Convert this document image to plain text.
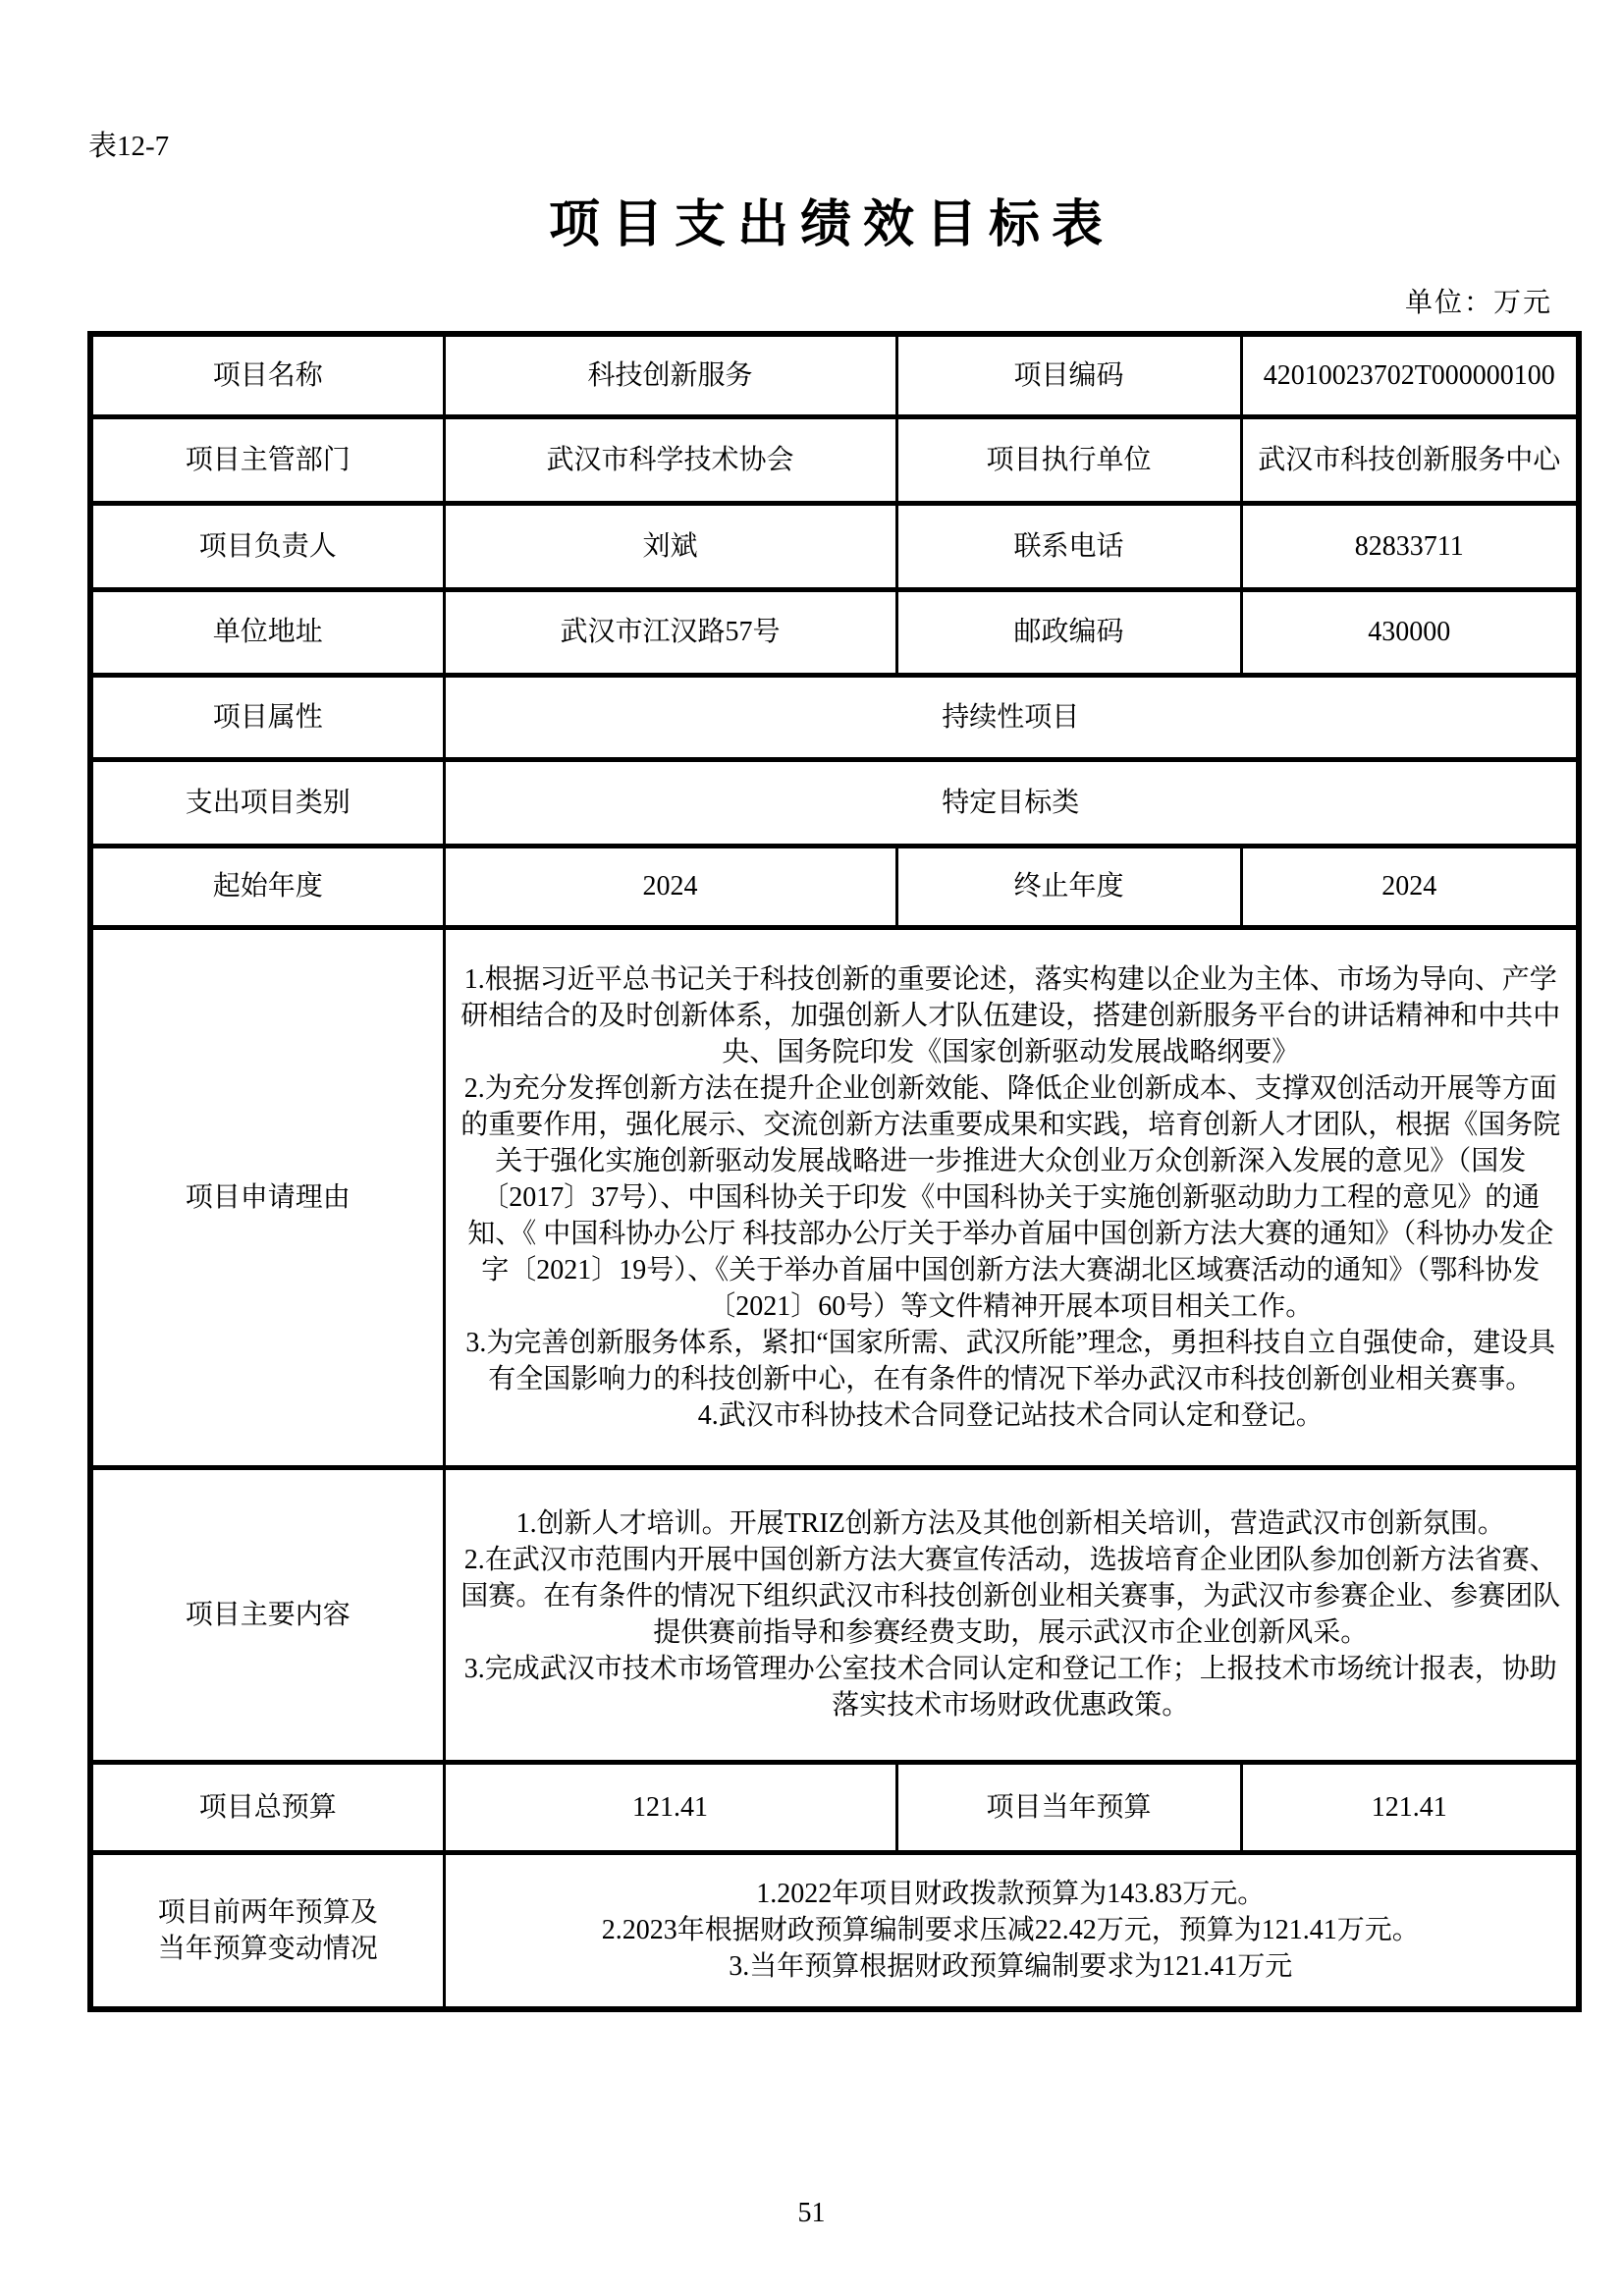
表12-7
项目支出绩效目标表
单位：万元
项目名称	科技创新服务	项目编码	42010023702T000000100
项目主管部门	武汉市科学技术协会	项目执行单位	武汉市科技创新服务中心
项目负责人	刘斌	联系电话	82833711
单位地址	武汉市江汉路57号	邮政编码	430000
项目属性	持续性项目		
支出项目类别	特定目标类		
起始年度	2024	终止年度	2024
项目申请理由	1.根据习近平总书记关于科技创新的重要论述，落实构建以企业为主体、市场为导向、产学研相结合的及时创新体系，加强创新人才队伍建设，搭建创新服务平台的讲话精神和中共中央、国务院印发《国家创新驱动发展战略纲要》
2.为充分发挥创新方法在提升企业创新效能、降低企业创新成本、支撑双创活动开展等方面的重要作用，强化展示、交流创新方法重要成果和实践，培育创新人才团队，根据《国务院关于强化实施创新驱动发展战略进一步推进大众创业万众创新深入发展的意见》（国发〔2017〕37号）、中国科协关于印发《中国科协关于实施创新驱动助力工程的意见》的通知、《 中国科协办公厅 科技部办公厅关于举办首届中国创新方法大赛的通知》（科协办发企字〔2021〕19号）、《关于举办首届中国创新方法大赛湖北区域赛活动的通知》（鄂科协发〔2021〕60号）等文件精神开展本项目相关工作。
3.为完善创新服务体系，紧扣“国家所需、武汉所能”理念，勇担科技自立自强使命，建设具有全国影响力的科技创新中心，在有条件的情况下举办武汉市科技创新创业相关赛事。
4.武汉市科协技术合同登记站技术合同认定和登记。		
项目主要内容	1.创新人才培训。开展TRIZ创新方法及其他创新相关培训，营造武汉市创新氛围。
2.在武汉市范围内开展中国创新方法大赛宣传活动，选拔培育企业团队参加创新方法省赛、国赛。在有条件的情况下组织武汉市科技创新创业相关赛事，为武汉市参赛企业、参赛团队提供赛前指导和参赛经费支助，展示武汉市企业创新风采。
3.完成武汉市技术市场管理办公室技术合同认定和登记工作；上报技术市场统计报表，协助落实技术市场财政优惠政策。		
项目总预算	121.41	项目当年预算	121.41
项目前两年预算及
当年预算变动情况	1.2022年项目财政拨款预算为143.83万元。
2.2023年根据财政预算编制要求压减22.42万元，预算为121.41万元。
3.当年预算根据财政预算编制要求为121.41万元		
51
